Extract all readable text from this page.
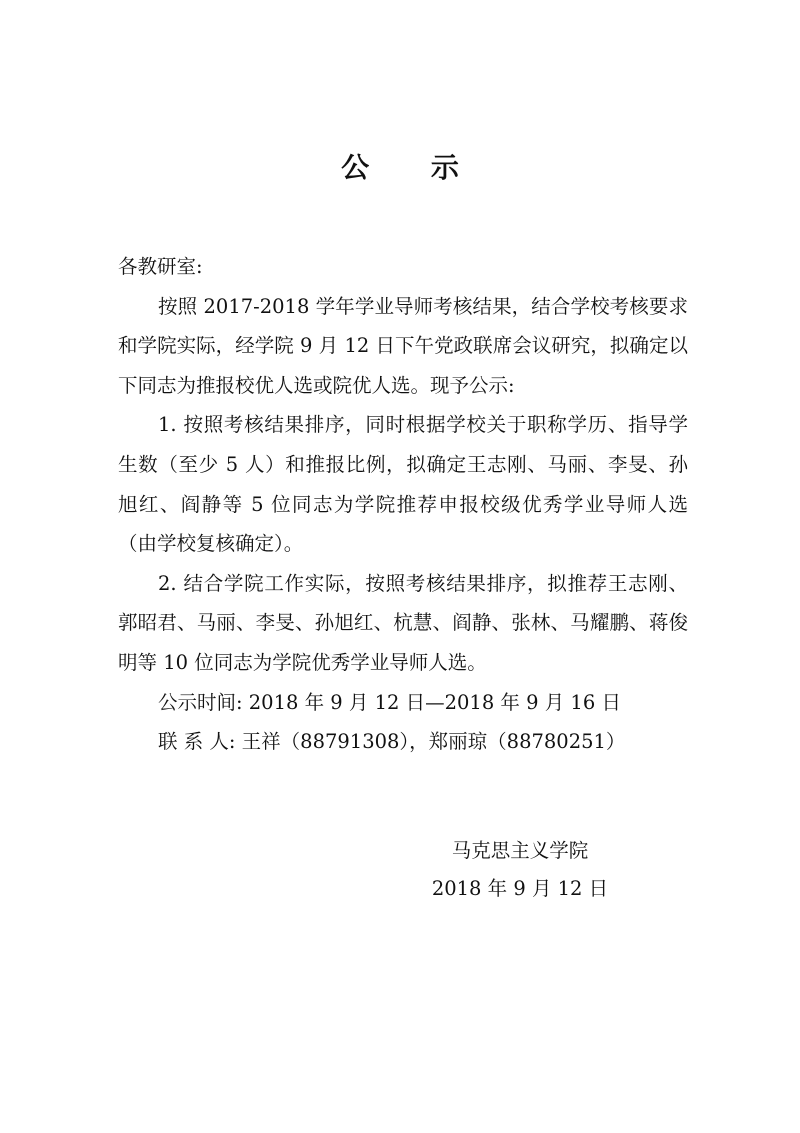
公 示

各教研室:

按照 2017-2018 学年学业导师考核结果，结合学校考核要求和学院实际，经学院 9 月 12 日下午党政联席会议研究，拟确定以下同志为推报校优人选或院优人选。现予公示:

1. 按照考核结果排序，同时根据学校关于职称学历、指导学生数（至少 5 人）和推报比例，拟确定王志刚、马丽、李旻、孙旭红、阎静等 5 位同志为学院推荐申报校级优秀学业导师人选（由学校复核确定）。

2. 结合学院工作实际，按照考核结果排序，拟推荐王志刚、郭昭君、马丽、李旻、孙旭红、杭慧、阎静、张林、马耀鹏、蒋俊明等 10 位同志为学院优秀学业导师人选。

公示时间: 2018 年 9 月 12 日—2018 年 9 月 16 日

联 系 人: 王祥（88791308），郑丽琼（88780251）

马克思主义学院
2018 年 9 月 12 日
